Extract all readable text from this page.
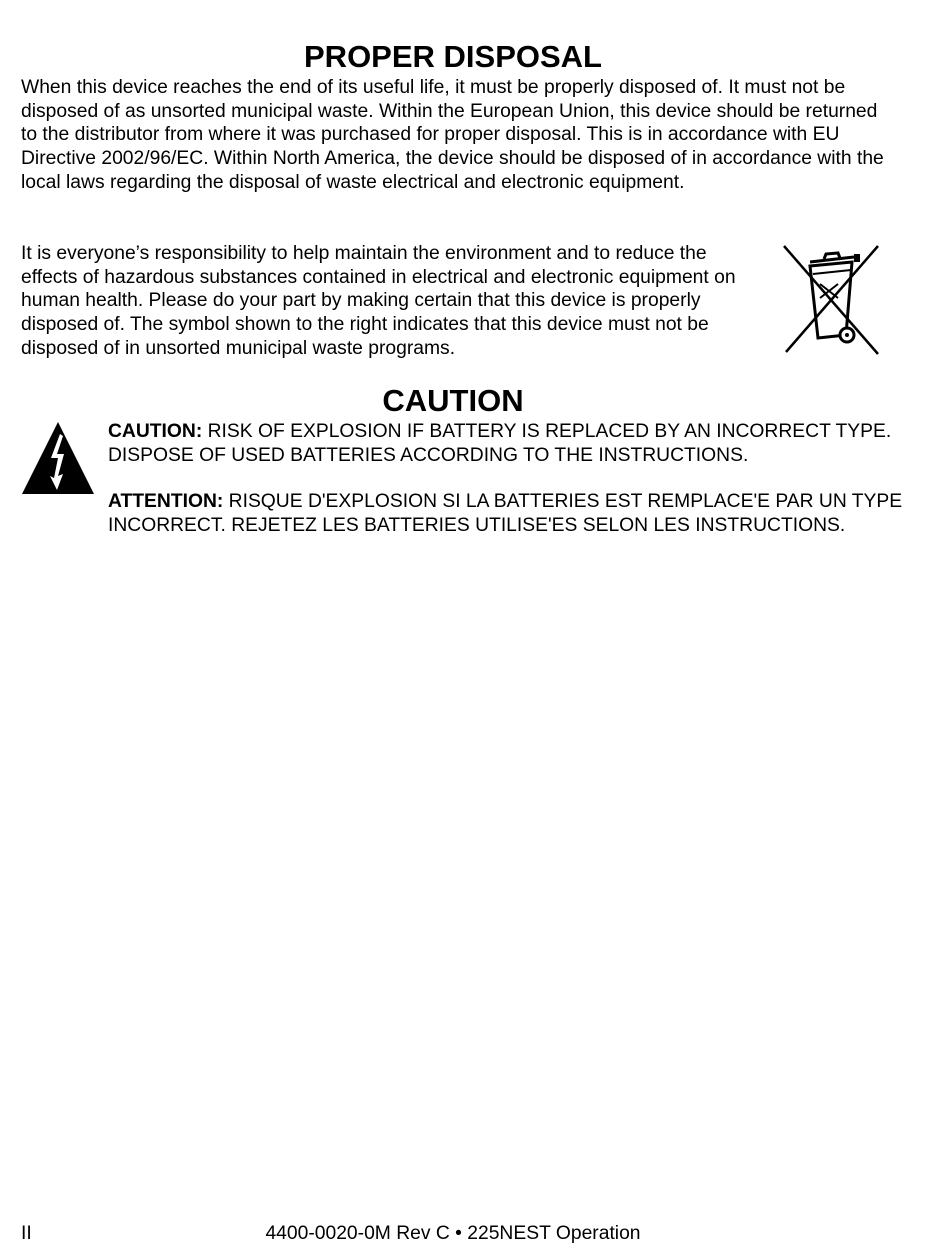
PROPER DISPOSAL

When this device reaches the end of its useful life, it must be properly disposed of. It must not be disposed of as unsorted municipal waste. Within the European Union, this device should be returned to the distributor from where it was purchased for proper disposal. This is in accordance with EU Directive 2002/96/EC. Within North America, the device should be disposed of in accordance with the local laws regarding the disposal of waste electrical and electronic equipment.

It is everyone’s responsibility to help maintain the environment and to reduce the effects of hazardous substances contained in electrical and electronic equipment on human health. Please do your part by making certain that this device is properly disposed of. The symbol shown to the right indicates that this device must not be disposed of in unsorted municipal waste programs.

CAUTION

CAUTION: RISK OF EXPLOSION IF BATTERY IS REPLACED BY AN INCORRECT TYPE. DISPOSE OF USED BATTERIES ACCORDING TO THE INSTRUCTIONS.

ATTENTION: RISQUE D'EXPLOSION SI LA BATTERIES EST REMPLACE'E PAR UN TYPE INCORRECT. REJETEZ LES BATTERIES UTILISE'ES SELON LES INSTRUCTIONS.

II	4400-0020-0M Rev C • 225NEST Operation
